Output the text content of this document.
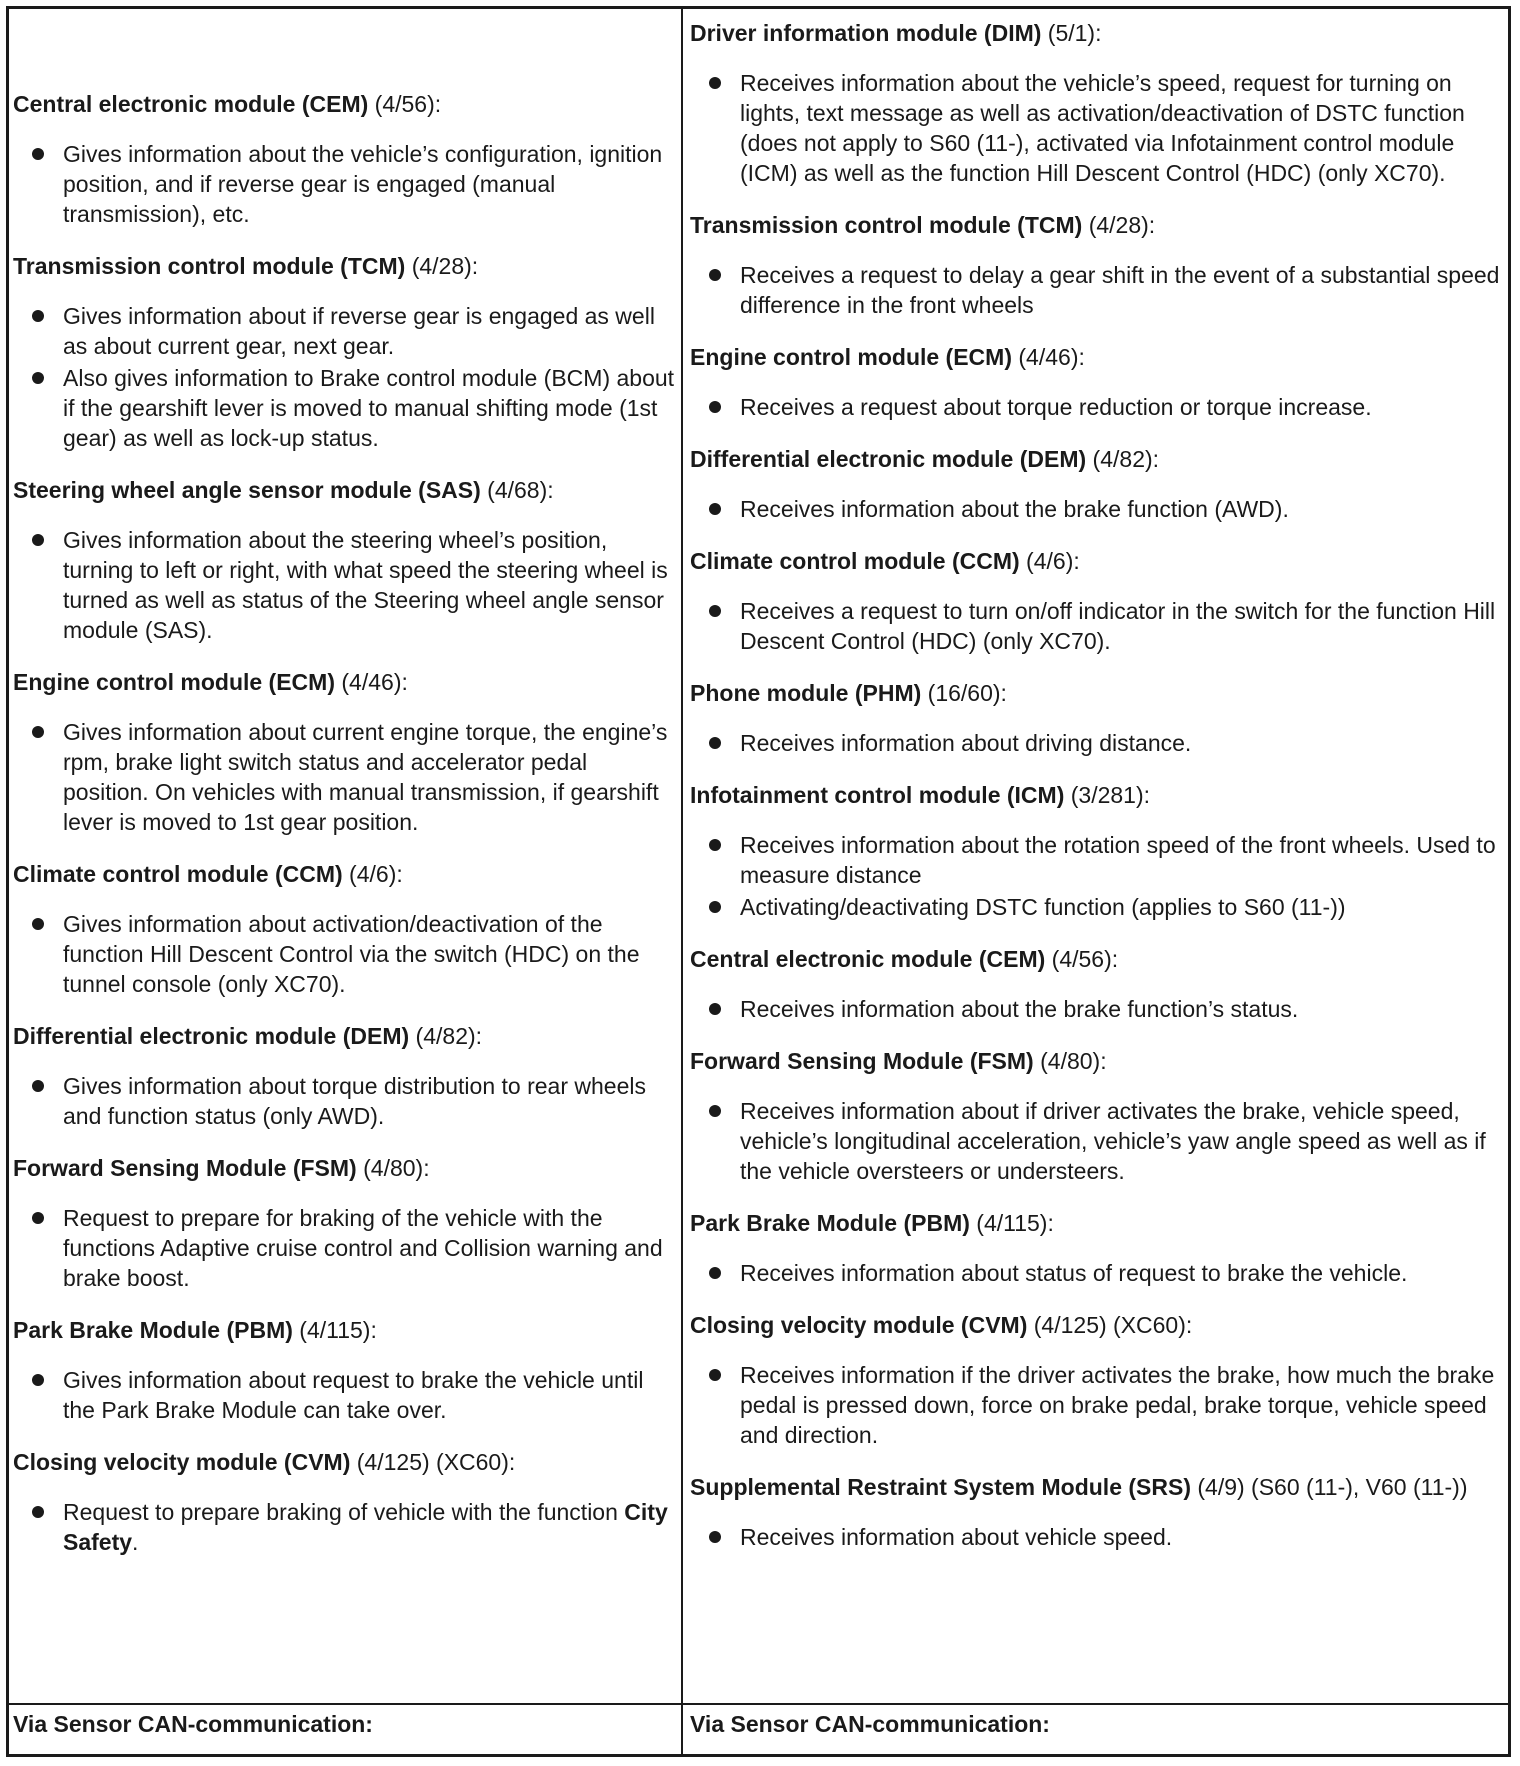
Central electronic module (CEM) (4/56):
Gives information about the vehicle’s configuration, ignition position, and if reverse gear is engaged (manual transmission), etc.
Transmission control module (TCM) (4/28):
Gives information about if reverse gear is engaged as well as about current gear, next gear.
Also gives information to Brake control module (BCM) about if the gearshift lever is moved to manual shifting mode (1st gear) as well as lock-up status.
Steering wheel angle sensor module (SAS) (4/68):
Gives information about the steering wheel’s position, turning to left or right, with what speed the steering wheel is turned as well as status of the Steering wheel angle sensor module (SAS).
Engine control module (ECM) (4/46):
Gives information about current engine torque, the engine’s rpm, brake light switch status and accelerator pedal position. On vehicles with manual transmission, if gearshift lever is moved to 1st gear position.
Climate control module (CCM) (4/6):
Gives information about activation/deactivation of the function Hill Descent Control via the switch (HDC) on the tunnel console (only XC70).
Differential electronic module (DEM) (4/82):
Gives information about torque distribution to rear wheels and function status (only AWD).
Forward Sensing Module (FSM) (4/80):
Request to prepare for braking of the vehicle with the functions Adaptive cruise control and Collision warning and brake boost.
Park Brake Module (PBM) (4/115):
Gives information about request to brake the vehicle until the Park Brake Module can take over.
Closing velocity module (CVM) (4/125) (XC60):
Request to prepare braking of vehicle with the function City Safety.
Driver information module (DIM) (5/1):
Receives information about the vehicle’s speed, request for turning on lights, text message as well as activation/deactivation of DSTC function (does not apply to S60 (11-), activated via Infotainment control module (ICM) as well as the function Hill Descent Control (HDC) (only XC70).
Transmission control module (TCM) (4/28):
Receives a request to delay a gear shift in the event of a substantial speed difference in the front wheels
Engine control module (ECM) (4/46):
Receives a request about torque reduction or torque increase.
Differential electronic module (DEM) (4/82):
Receives information about the brake function (AWD).
Climate control module (CCM) (4/6):
Receives a request to turn on/off indicator in the switch for the function Hill Descent Control (HDC) (only XC70).
Phone module (PHM) (16/60):
Receives information about driving distance.
Infotainment control module (ICM) (3/281):
Receives information about the rotation speed of the front wheels. Used to measure distance
Activating/deactivating DSTC function (applies to S60 (11-))
Central electronic module (CEM) (4/56):
Receives information about the brake function’s status.
Forward Sensing Module (FSM) (4/80):
Receives information about if driver activates the brake, vehicle speed, vehicle’s longitudinal acceleration, vehicle’s yaw angle speed as well as if the vehicle oversteers or understeers.
Park Brake Module (PBM) (4/115):
Receives information about status of request to brake the vehicle.
Closing velocity module (CVM) (4/125) (XC60):
Receives information if the driver activates the brake, how much the brake pedal is pressed down, force on brake pedal, brake torque, vehicle speed and direction.
Supplemental Restraint System Module (SRS) (4/9) (S60 (11-), V60 (11-))
Receives information about vehicle speed.
Via Sensor CAN-communication:	Via Sensor CAN-communication:
